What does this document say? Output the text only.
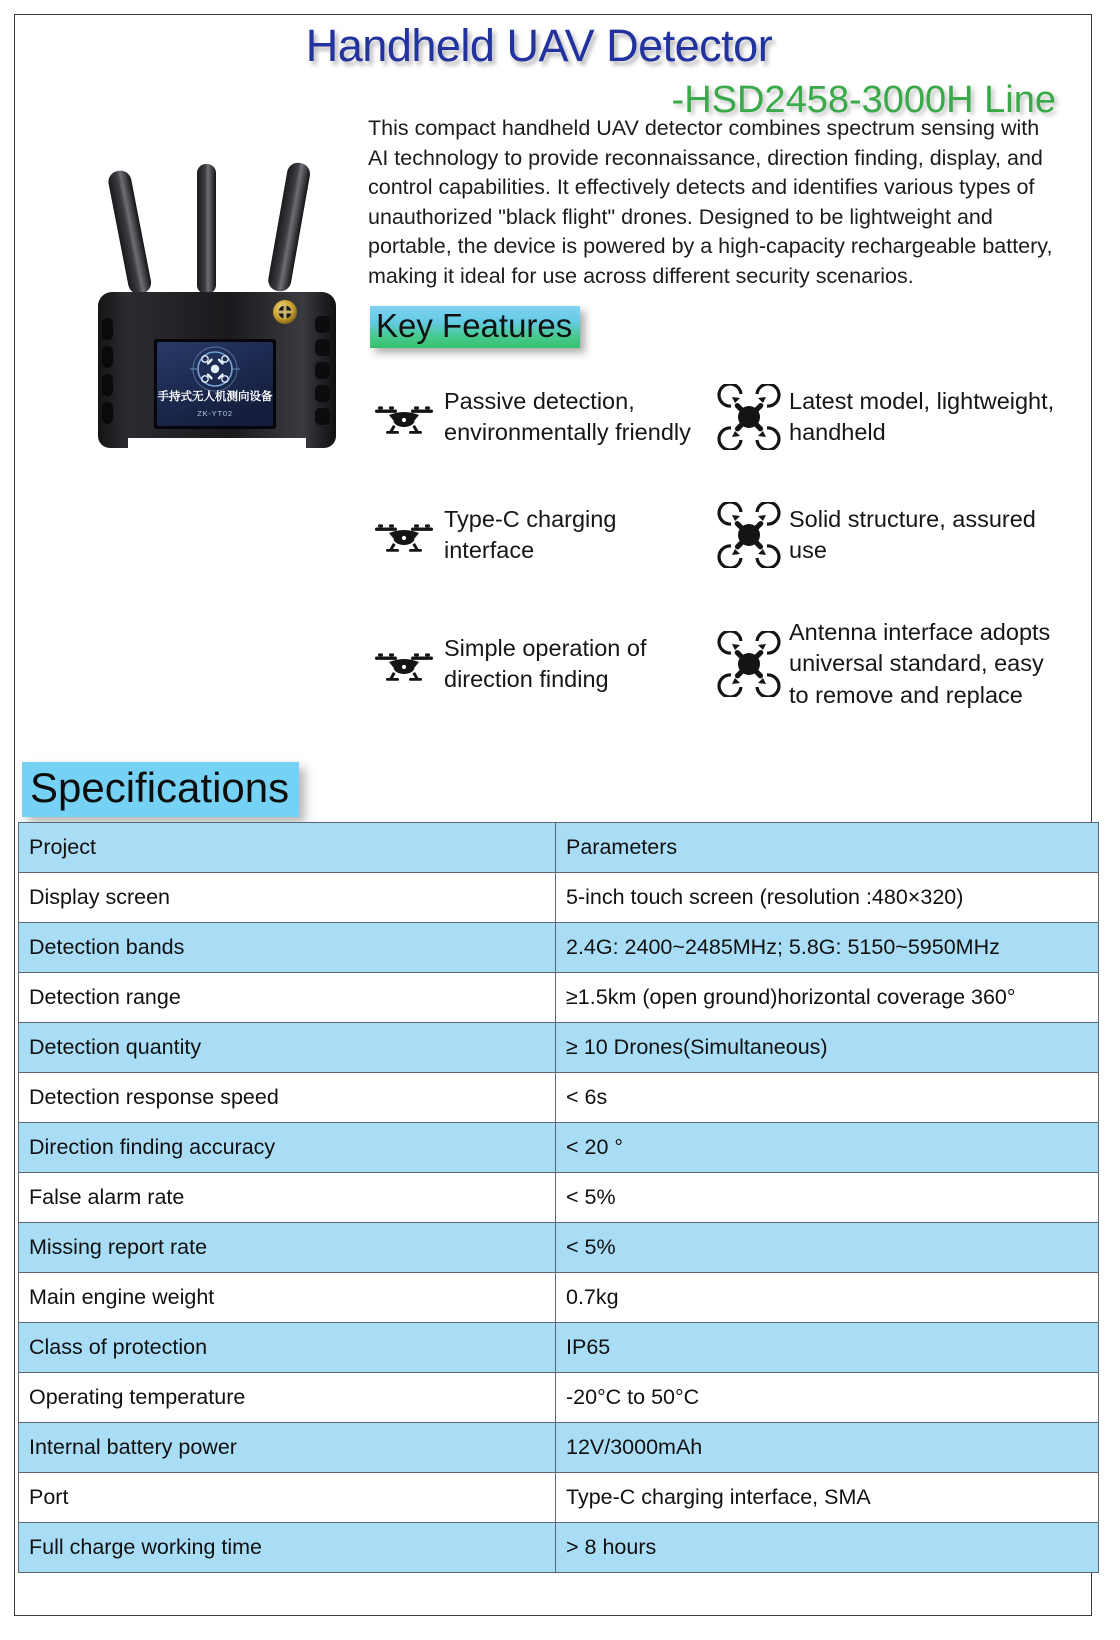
Handheld UAV Detector
-HSD2458-3000H Line
This compact handheld UAV detector combines spectrum sensing with AI technology to provide reconnaissance, direction finding, display, and control capabilities. It effectively detects and identifies various types of unauthorized "black flight" drones. Designed to be lightweight and portable, the device is powered by a high-capacity rechargeable battery, making it ideal for use across different security scenarios.
手持式无人机测向设备
ZK-YT02
Key Features
Passive detection, environmentally friendly
Latest model, lightweight, handheld
Type-C charging interface
Solid structure, assured use
Simple operation of direction finding
Antenna interface adopts universal standard, easy to remove and replace
Specifications
Project	Parameters
Display screen	5-inch touch screen (resolution :480×320)
Detection bands	2.4G: 2400~2485MHz; 5.8G: 5150~5950MHz
Detection range	≥1.5km (open ground)horizontal coverage 360°
Detection quantity	≥ 10 Drones(Simultaneous)
Detection response speed	< 6s
Direction finding accuracy	< 20 °
False alarm rate	< 5%
Missing report rate	< 5%
Main engine weight	0.7kg
Class of protection	IP65
Operating temperature	-20°C to 50°C
Internal battery power	12V/3000mAh
Port	Type-C charging interface, SMA
Full charge working time	> 8 hours
